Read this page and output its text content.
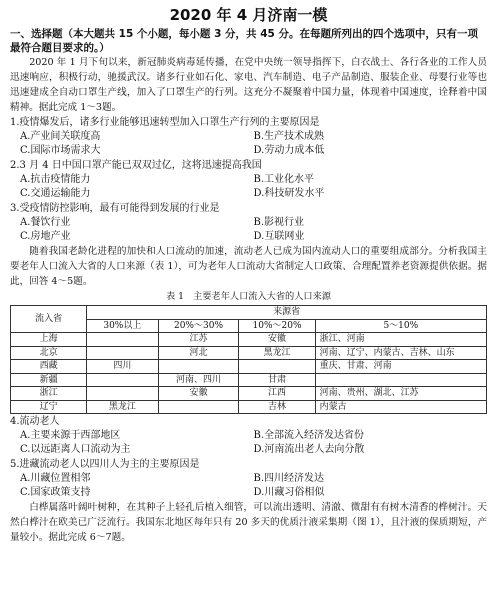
2020 年 4 月济南一模
一、选择题（本大题共 15 个小题，每小题 3 分，共 45 分。在每题所列出的四个选项中，只有一项最符合题目要求的。）

2020 年 1 月下旬以来，新冠肺炎病毒延传播，在党中央统一领导指挥下，白衣战士、各行各业的工作人员迅速响应，积极行动，驰援武汉。诸多行业如石化、家电、汽车制造、电子产品制造、服装企业、母婴行业等也迅速建成全自动口罩生产线，加入了口罩生产的行列。这充分不凝聚着中国力量，体现着中国速度，诠释着中国精神。据此完成 1～3题。

1.疫情爆发后，诸多行业能够迅速转型加入口罩生产行列的主要原因是
A.产业间关联度高	B.生产技术成熟
C.国际市场需求大	D.劳动力成本低
2.3 月 4 日中国口罩产能已双双过亿，这将迅速提高我国
A.抗击疫情能力	B.工业化水平
C.交通运输能力	D.科技研发水平
3.受疫情防控影响，最有可能得到发展的行业是
A.餐饮行业	B.影视行业
C.房地产业	D.互联网业

随着我国老龄化进程的加快和人口流动的加速，流动老人已成为国内流动人口的重要组成部分。分析我国主要老年人口流入大省的人口来源（表 1），可为老年人口流动大省制定人口政策、合理配置养老资源提供依据。据此，回答 4～5题。

表 1　主要老年人口流入大省的人口来源
流入省	来源省			
	30%以上	20%～30%	10%～20%	5～10%
上海		江苏	安徽	浙江、河南
北京		河北	黑龙江	河南、辽宁、内蒙古、吉林、山东
西藏	四川			重庆、甘肃、河南
新疆		河南、四川	甘肃	
浙江		安徽	江西	河南、贵州、湖北、江苏
辽宁	黑龙江		吉林	内蒙古
4.流动老人
A.主要来源于西部地区	B.全部流入经济发达省份
C.以远距离人口流动为主	D.河南流出老人去向分散
5.进藏流动老人以四川人为主的主要原因是
A.川藏位置相邻	B.四川经济发达
C.国家政策支持	D.川藏习俗相似

白桦属落叶阔叶树种，在其种子上轻孔后植入细管，可以流出透明、清澈、微甜有有树木清香的桦树汁。天然白桦汁在欧美已广泛流行。我国东北地区每年只有 20 多天的优质汁液采集期（图 1），且汁液的保质期短，产量较小。据此完成 6～7题。
